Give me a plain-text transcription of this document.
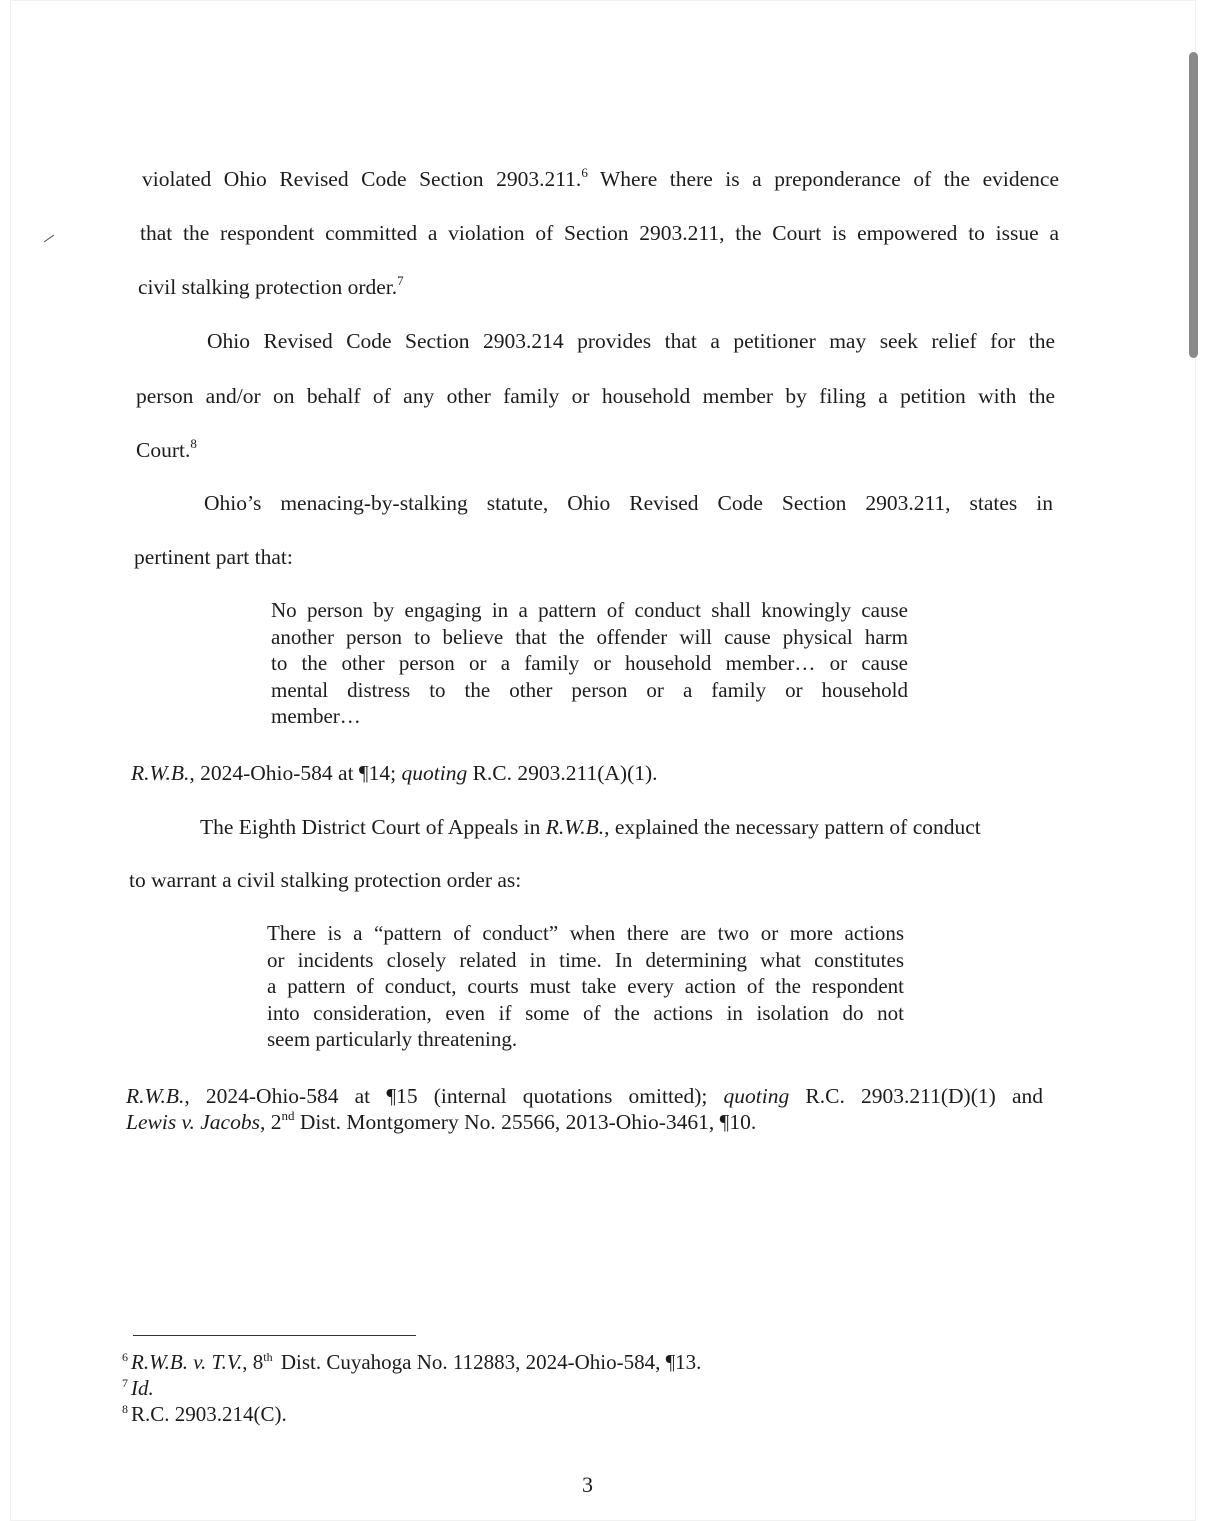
violated Ohio Revised Code Section 2903.211.$^6$ Where there is a preponderance of the evidence
that the respondent committed a violation of Section 2903.211, the Court is empowered to issue a
civil stalking protection order.$^7$
Ohio Revised Code Section 2903.214 provides that a petitioner may seek relief for the
person and/or on behalf of any other family or household member by filing a petition with the
Court.$^8$
Ohio’s menacing-by-stalking statute, Ohio Revised Code Section 2903.211, states in
pertinent part that:
No person by engaging in a pattern of conduct shall knowingly cause
another person to believe that the offender will cause physical harm
to the other person or a family or household member… or cause
mental distress to the other person or a family or household
member…
R.W.B., 2024-Ohio-584 at ¶14; quoting R.C. 2903.211(A)(1).
The Eighth District Court of Appeals in R.W.B., explained the necessary pattern of conduct
to warrant a civil stalking protection order as:
There is a “pattern of conduct” when there are two or more actions
or incidents closely related in time. In determining what constitutes
a pattern of conduct, courts must take every action of the respondent
into consideration, even if some of the actions in isolation do not
seem particularly threatening.
R.W.B., 2024-Ohio-584 at ¶15 (internal quotations omitted); quoting R.C. 2903.211(D)(1) and
Lewis v. Jacobs, 2nd Dist. Montgomery No. 25566, 2013-Ohio-3461, ¶10.
$^6$ R.W.B. v. T.V., 8th Dist. Cuyahoga No. 112883, 2024-Ohio-584, ¶13.
$^7$ Id.
$^8$ R.C. 2903.214(C).
3
